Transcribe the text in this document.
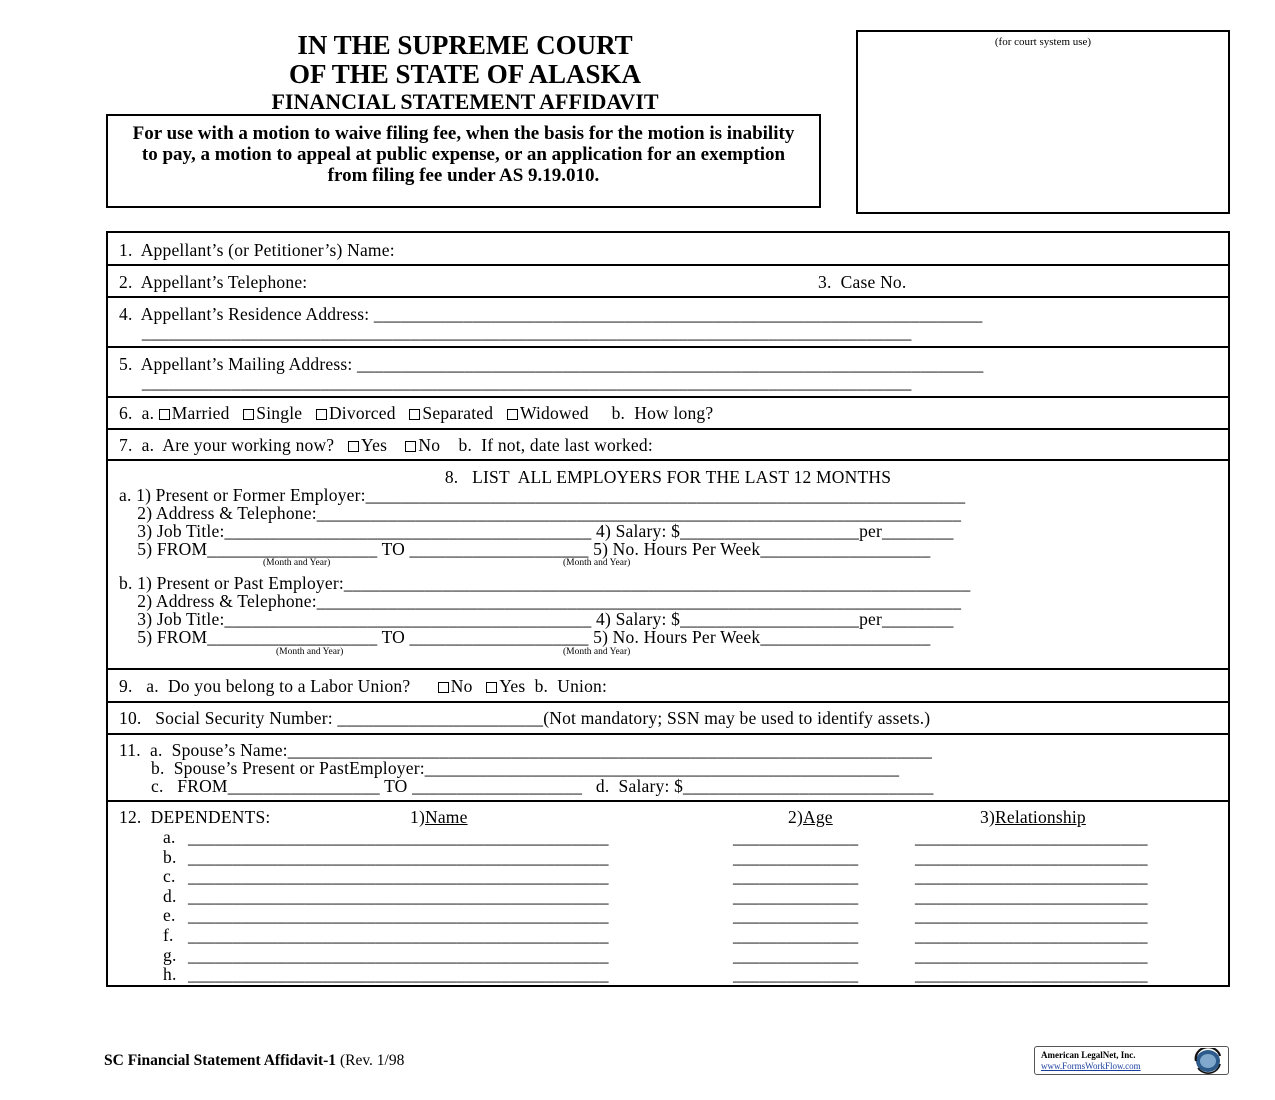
IN THE SUPREME COURT
OF THE STATE OF ALASKA
FINANCIAL STATEMENT AFFIDAVIT
For use with a motion to waive filing fee, when the basis for the motion is inability to pay, a motion to appeal at public expense, or an application for an exemption from filing fee under AS 9.19.010.
(for court system use)
1.  Appellant’s (or Petitioner’s) Name:
2.  Appellant’s Telephone:	3.  Case No.
4.  Appellant’s Residence Address: ____________________________________________________________________
______________________________________________________________________________________
5.  Appellant’s Mailing Address: ______________________________________________________________________
______________________________________________________________________________________
6.  a. Married Single Divorced Separated Widowed b.  How long?
7.  a.  Are your working now? Yes No b.  If not, date last worked:
8.   LIST  ALL EMPLOYERS FOR THE LAST 12 MONTHS
a. 1) Present or Former Employer:___________________________________________________________________
2) Address & Telephone:________________________________________________________________________
3) Job Title:_________________________________________ 4) Salary: $____________________per________
5) FROM___________________ TO ____________________ 5) No. Hours Per Week___________________
(Month and Year)	(Month and Year)
b. 1) Present or Past Employer:______________________________________________________________________
2) Address & Telephone:________________________________________________________________________
3) Job Title:_________________________________________ 4) Salary: $____________________per________
5) FROM___________________ TO ____________________ 5) No. Hours Per Week___________________
(Month and Year)	(Month and Year)
9.   a.  Do you belong to a Labor Union? No Yes b.  Union:
10.   Social Security Number: _______________________(Not mandatory; SSN may be used to identify assets.)
11.  a.  Spouse’s Name:________________________________________________________________________
b.  Spouse’s Present or PastEmployer:_____________________________________________________
c.   FROM_________________ TO ___________________   d.  Salary: $____________________________
12.  DEPENDENTS:	1)Name	2)Age	3)Relationship
a. _______________________________________________	______________	__________________________
b. _______________________________________________	______________	__________________________
c. _______________________________________________	______________	__________________________
d. _______________________________________________	______________	__________________________
e. _______________________________________________	______________	__________________________
f. _______________________________________________	______________	__________________________
g. _______________________________________________	______________	__________________________
h. _______________________________________________	______________	__________________________
SC Financial Statement Affidavit-1 (Rev. 1/98	American LegalNet, Inc.
www.FormsWorkFlow.com
